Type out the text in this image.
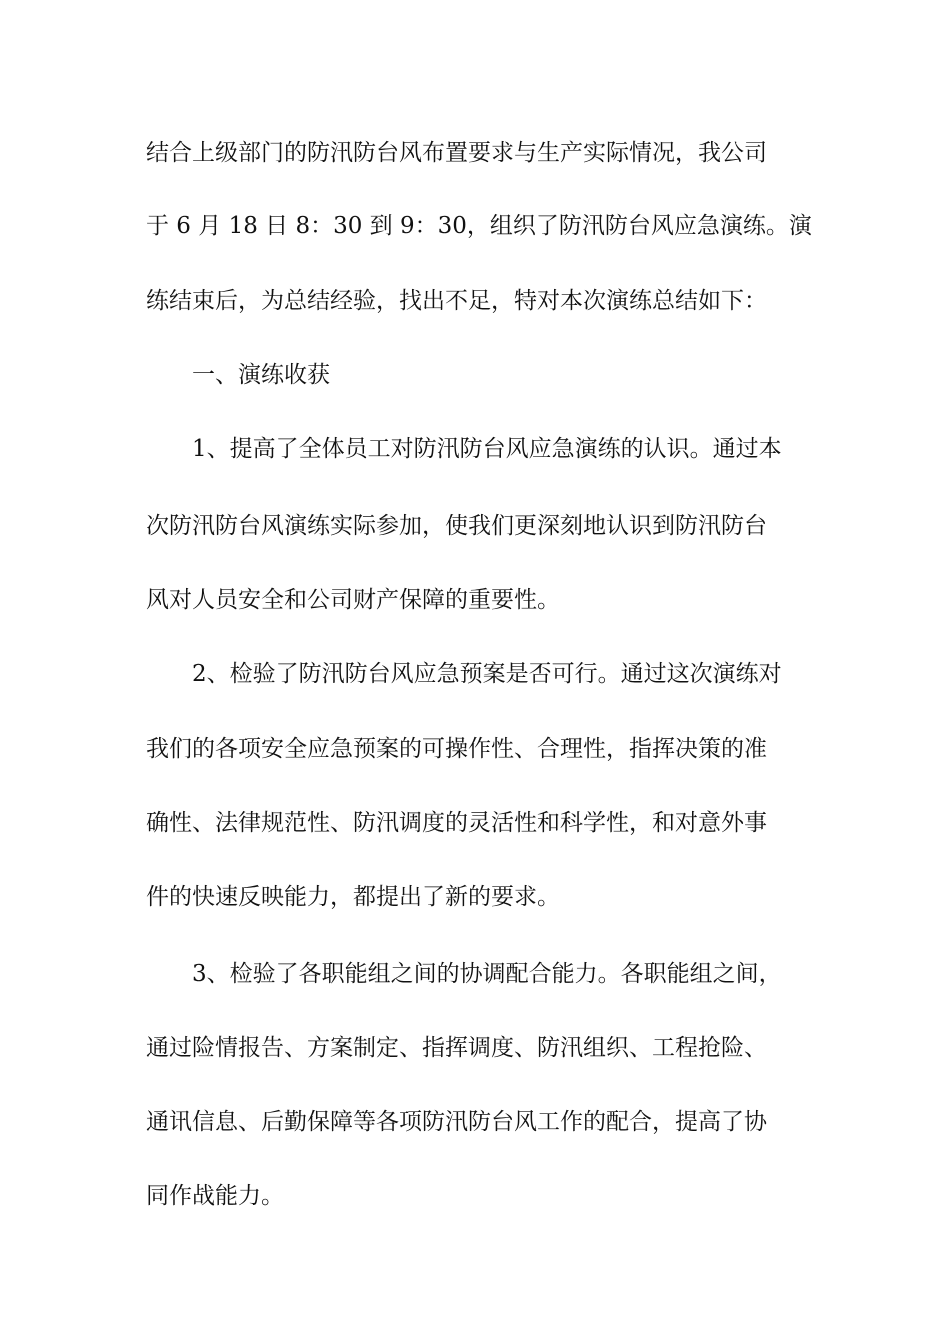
结合上级部门的防汛防台风布置要求与生产实际情况，我公司
于 6 月 18 日 8：30 到 9：30，组织了防汛防台风应急演练。演
练结束后，为总结经验，找出不足，特对本次演练总结如下：
一、演练收获
1、提高了全体员工对防汛防台风应急演练的认识。通过本
次防汛防台风演练实际参加，使我们更深刻地认识到防汛防台
风对人员安全和公司财产保障的重要性。
2、检验了防汛防台风应急预案是否可行。通过这次演练对
我们的各项安全应急预案的可操作性、合理性，指挥决策的准
确性、法律规范性、防汛调度的灵活性和科学性，和对意外事
件的快速反映能力，都提出了新的要求。
3、检验了各职能组之间的协调配合能力。各职能组之间，
通过险情报告、方案制定、指挥调度、防汛组织、工程抢险、
通讯信息、后勤保障等各项防汛防台风工作的配合，提高了协
同作战能力。
